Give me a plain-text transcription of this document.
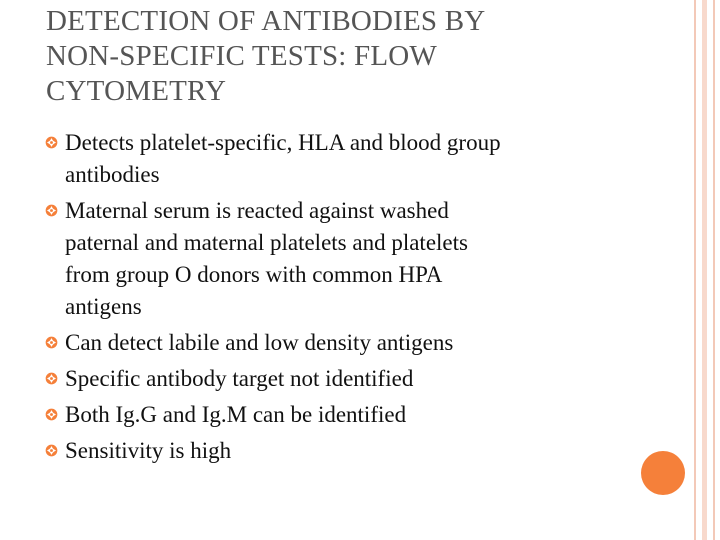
DETECTION OF ANTIBODIES BY
NON-SPECIFIC TESTS: FLOW
CYTOMETRY
Detects platelet-specific, HLA and blood group
antibodies
Maternal serum is reacted against washed
paternal and maternal platelets and platelets
from group O donors with common HPA
antigens
Can detect labile and low density antigens
Specific antibody target not identified
Both Ig.G and Ig.M can be identified
Sensitivity is high
